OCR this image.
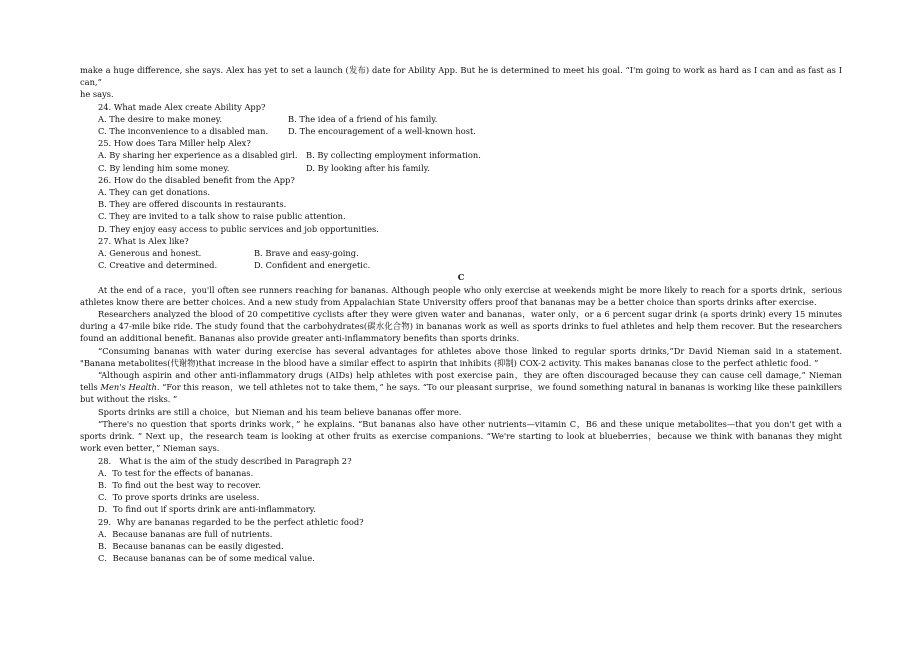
make a huge difference, she says. Alex has yet to set a launch (发布) date for Ability App. But he is determined to meet his goal. “I'm going to work as hard as I can and as fast as I can,”

he says.

24. What made Alex create Ability App?

A. The desire to make money.	B. The idea of a friend of his family.
C. The inconvenience to a disabled man.	D. The encouragement of a well-known host.

25. How does Tara Miller help Alex?

A. By sharing her experience as a disabled girl.	B. By collecting employment information.
C. By lending him some money.	D. By looking after his family.

26. How do the disabled benefit from the App?

A. They can get donations.

B. They are offered discounts in restaurants.

C. They are invited to a talk show to raise public attention.

D. They enjoy easy access to public services and job opportunities.

27. What is Alex like?

A. Generous and honest.	B. Brave and easy-going.
C. Creative and determined.	D. Confident and energetic.

C

At the end of a race，you'll often see runners reaching for bananas. Although people who only exercise at weekends might be more likely to reach for a sports drink，serious athletes know there are better choices. And a new study from Appalachian State University offers proof that bananas may be a better choice than sports drinks after exercise.

Researchers analyzed the blood of 20 competitive cyclists after they were given water and bananas，water only，or a 6 percent sugar drink (a sports drink) every 15 minutes during a 47-mile bike ride. The study found that the carbohydrates(碳水化合物) in bananas work as well as sports drinks to fuel athletes and help them recover. But the researchers found an additional benefit. Bananas also provide greater anti-inflammatory benefits than sports drinks.

“Consuming bananas with water during exercise has several advantages for athletes above those linked to regular sports drinks,”Dr David Nieman said in a statement. "Banana metabolites(代谢物)that increase in the blood have a similar effect to aspirin that inhibits (抑制) COX-2 activity. This makes bananas close to the perfect athletic food. ”

“Although aspirin and other anti-inflammatory drugs (AIDs) help athletes with post exercise pain，they are often discouraged because they can cause cell damage,” Nieman tells Men's Health. “For this reason，we tell athletes not to take them，” he says. “To our pleasant surprise，we found something natural in bananas is working like these painkillers but without the risks. ”

Sports drinks are still a choice，but Nieman and his team believe bananas offer more.

“There's no question that sports drinks work，” he explains. “But bananas also have other nutrients—vitamin C，B6 and these unique metabolites—that you don't get with a sports drink. ” Next up，the research team is looking at other fruits as exercise companions. “We're starting to look at blueberries，because we think with bananas they might work even better，” Nieman says.

28.　What is the aim of the study described in Paragraph 2?

A．To test for the effects of bananas.

B．To find out the best way to recover.

C．To prove sports drinks are useless.

D．To find out if sports drink are anti-inflammatory.

29．Why are bananas regarded to be the perfect athletic food?

A．Because bananas are full of nutrients.

B．Because bananas can be easily digested.

C．Because bananas can be of some medical value.
